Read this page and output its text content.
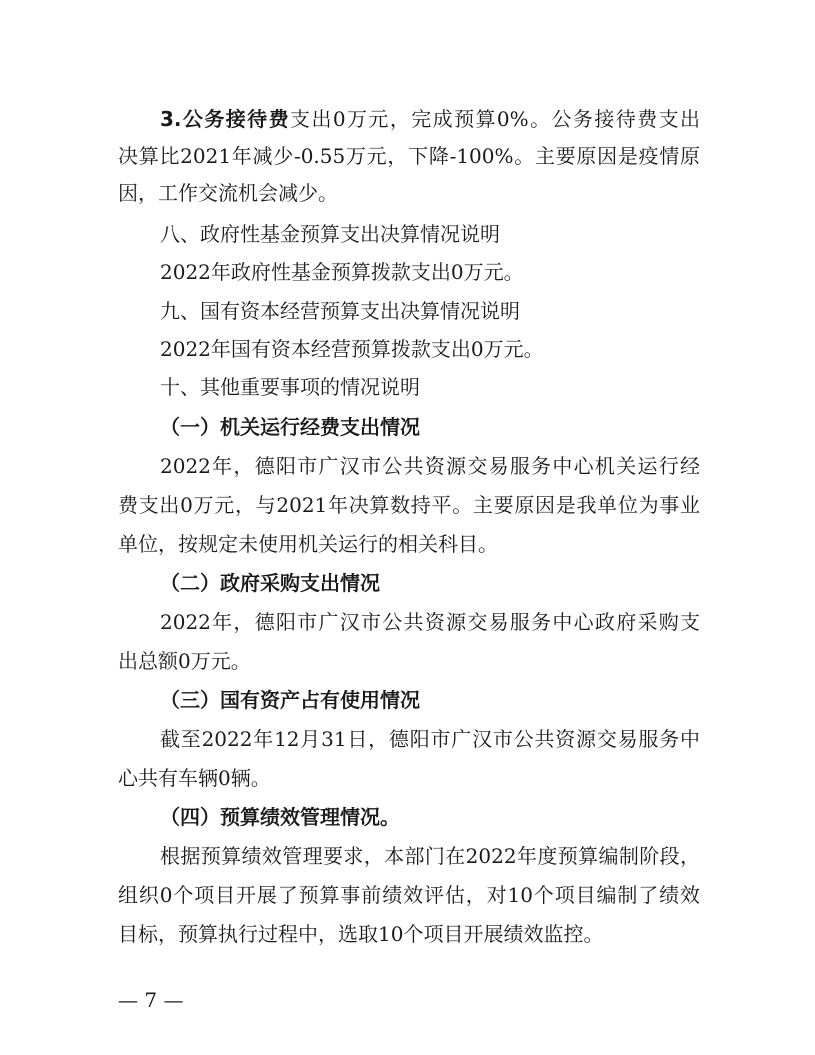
3.公务接待费支出0万元，完成预算0%。公务接待费支出
决算比2021年减少-0.55万元，下降-100%。主要原因是疫情原
因，工作交流机会减少。
八、政府性基金预算支出决算情况说明
2022年政府性基金预算拨款支出0万元。
九、国有资本经营预算支出决算情况说明
2022年国有资本经营预算拨款支出0万元。
十、其他重要事项的情况说明
（一）机关运行经费支出情况
2022年，德阳市广汉市公共资源交易服务中心机关运行经
费支出0万元，与2021年决算数持平。主要原因是我单位为事业
单位，按规定未使用机关运行的相关科目。
（二）政府采购支出情况
2022年，德阳市广汉市公共资源交易服务中心政府采购支
出总额0万元。
（三）国有资产占有使用情况
截至2022年12月31日，德阳市广汉市公共资源交易服务中
心共有车辆0辆。
（四）预算绩效管理情况。
根据预算绩效管理要求，本部门在2022年度预算编制阶段，
组织0个项目开展了预算事前绩效评估，对10个项目编制了绩效
目标，预算执行过程中，选取10个项目开展绩效监控。
— 7 —
